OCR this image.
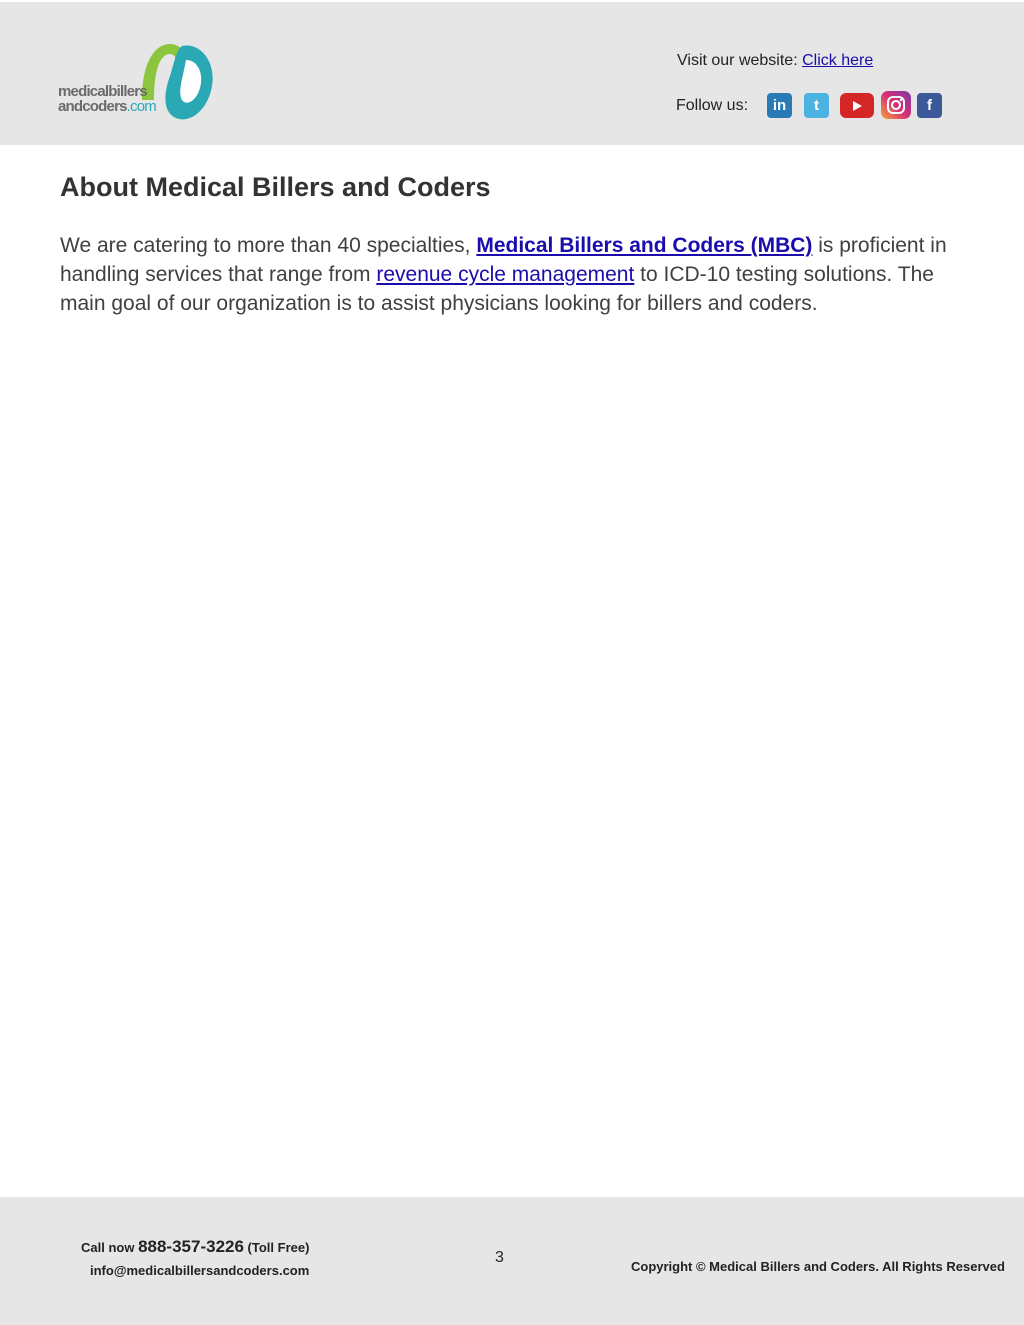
medicalbillers
andcoders.com
Visit our website: Click here
Follow us:	in	t	f
About Medical Billers and Coders

We are catering to more than 40 specialties, Medical Billers and Coders (MBC) is proficient in handling services that range from revenue cycle management to ICD-10 testing solutions. The main goal of our organization is to assist physicians looking for billers and coders.

Call now 888-357-3226 (Toll Free)
info@medicalbillersandcoders.com
3
Copyright © Medical Billers and Coders. All Rights Reserved
